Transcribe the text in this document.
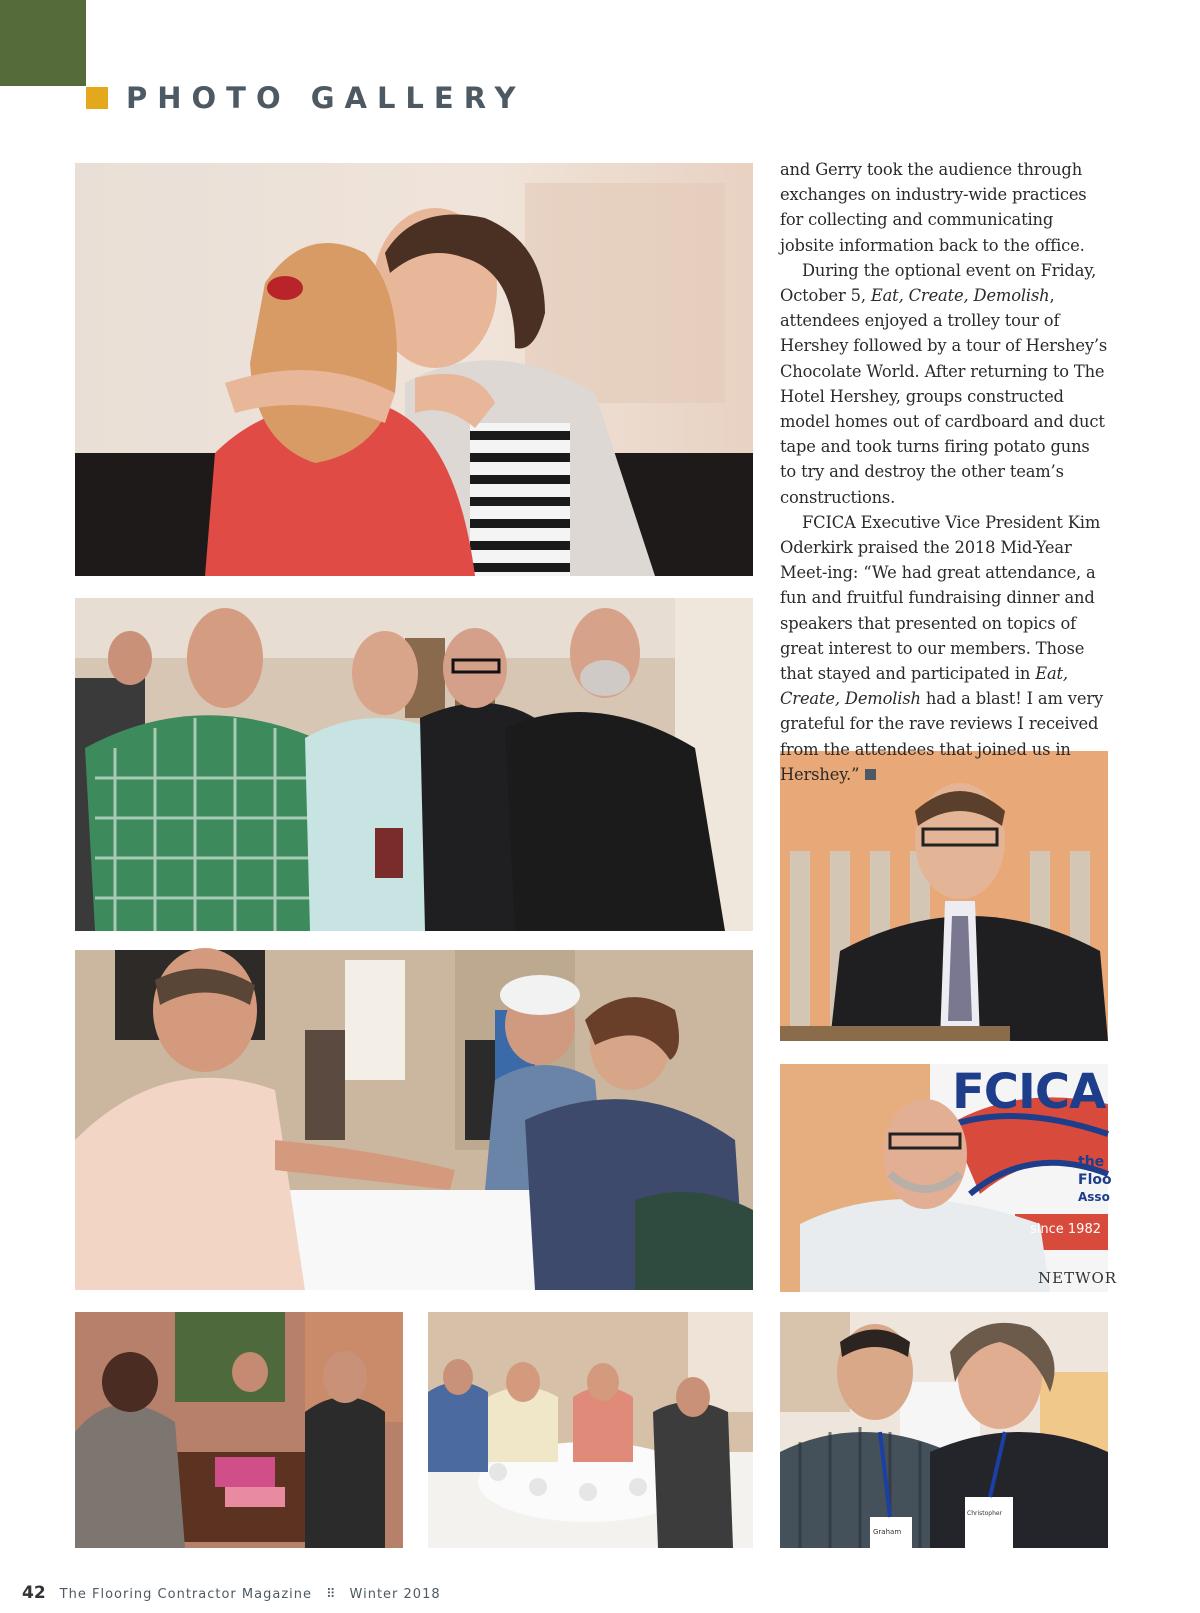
PHOTO GALLERY
FCICA
the
Floo
Asso
since 1982
NETWOR
Graham
Christopher

and Gerry took the audience through exchanges on industry-wide practices for collecting and communicating jobsite information back to the office.

During the optional event on Friday, October 5, Eat, Create, Demolish, attendees enjoyed a trolley tour of Hershey followed by a tour of Hershey’s Chocolate World. After returning to The Hotel Hershey, groups constructed model homes out of cardboard and duct tape and took turns firing potato guns to try and destroy the other team’s constructions.

FCICA Executive Vice President Kim Oderkirk praised the 2018 Mid-Year Meet-ing: “We had great attendance, a fun and fruitful fundraising dinner and speakers that presented on topics of great interest to our members. Those that stayed and participated in Eat, Create, Demolish had a blast! I am very grateful for the rave reviews I received from the attendees that joined us in Hershey.”

42 The Flooring Contractor Magazine ⠿ Winter 2018
